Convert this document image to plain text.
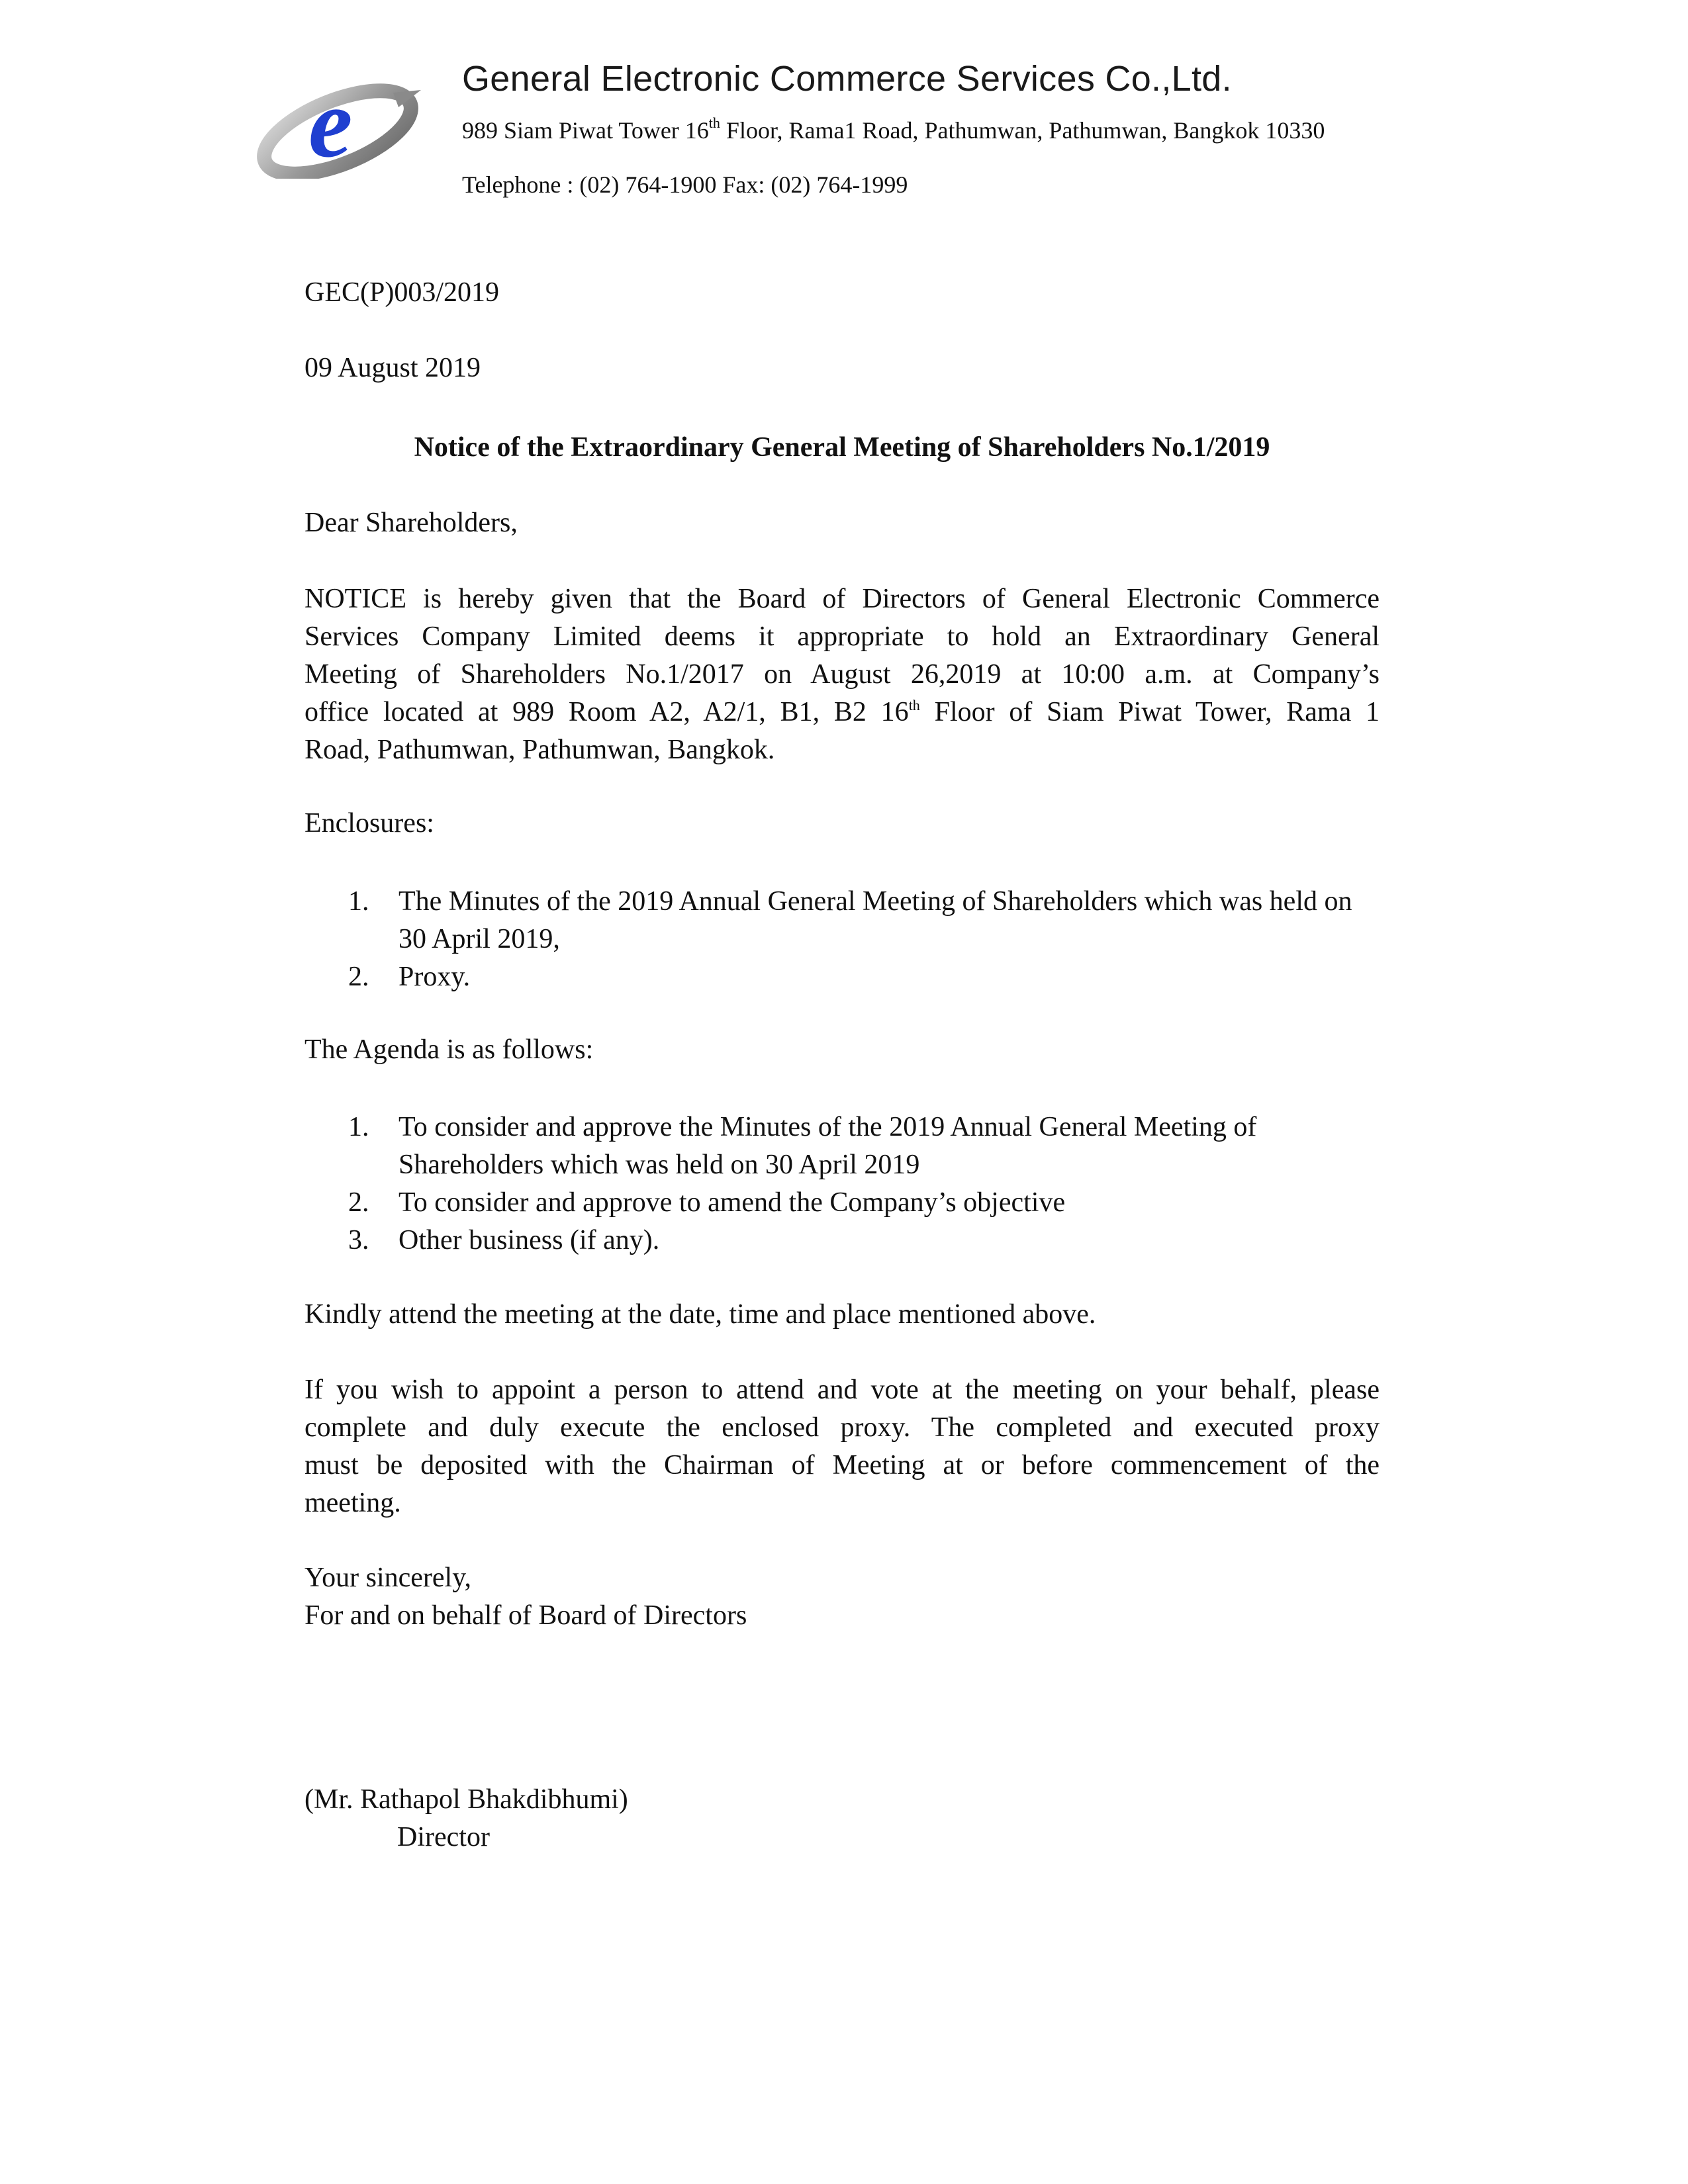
e	General Electronic Commerce Services Co.,Ltd.
989 Siam Piwat Tower 16th Floor, Rama1 Road, Pathumwan, Pathumwan, Bangkok 10330
Telephone : (02) 764-1900 Fax: (02) 764-1999
GEC(P)003/2019
09 August 2019
Notice of the Extraordinary General Meeting of Shareholders No.1/2019
Dear Shareholders,
NOTICE is hereby given that the Board of Directors of General Electronic Commerce
Services Company Limited deems it appropriate to hold an Extraordinary General
Meeting of Shareholders No.1/2017 on August 26,2019 at 10:00 a.m. at Company’s
office located at 989 Room A2, A2/1, B1, B2 16th Floor of Siam Piwat Tower, Rama 1
Road, Pathumwan, Pathumwan, Bangkok.
Enclosures:
1. The Minutes of the 2019 Annual General Meeting of Shareholders which was held on 30 April 2019,
2. Proxy.
The Agenda is as follows:
1. To consider and approve the Minutes of the 2019 Annual General Meeting of Shareholders which was held on 30 April 2019
2. To consider and approve to amend the Company’s objective
3. Other business (if any).
Kindly attend the meeting at the date, time and place mentioned above.
If you wish to appoint a person to attend and vote at the meeting on your behalf, please
complete and duly execute the enclosed proxy. The completed and executed proxy
must be deposited with the Chairman of Meeting at or before commencement of the
meeting.
Your sincerely,
For and on behalf of Board of Directors
(Mr. Rathapol Bhakdibhumi)
Director
